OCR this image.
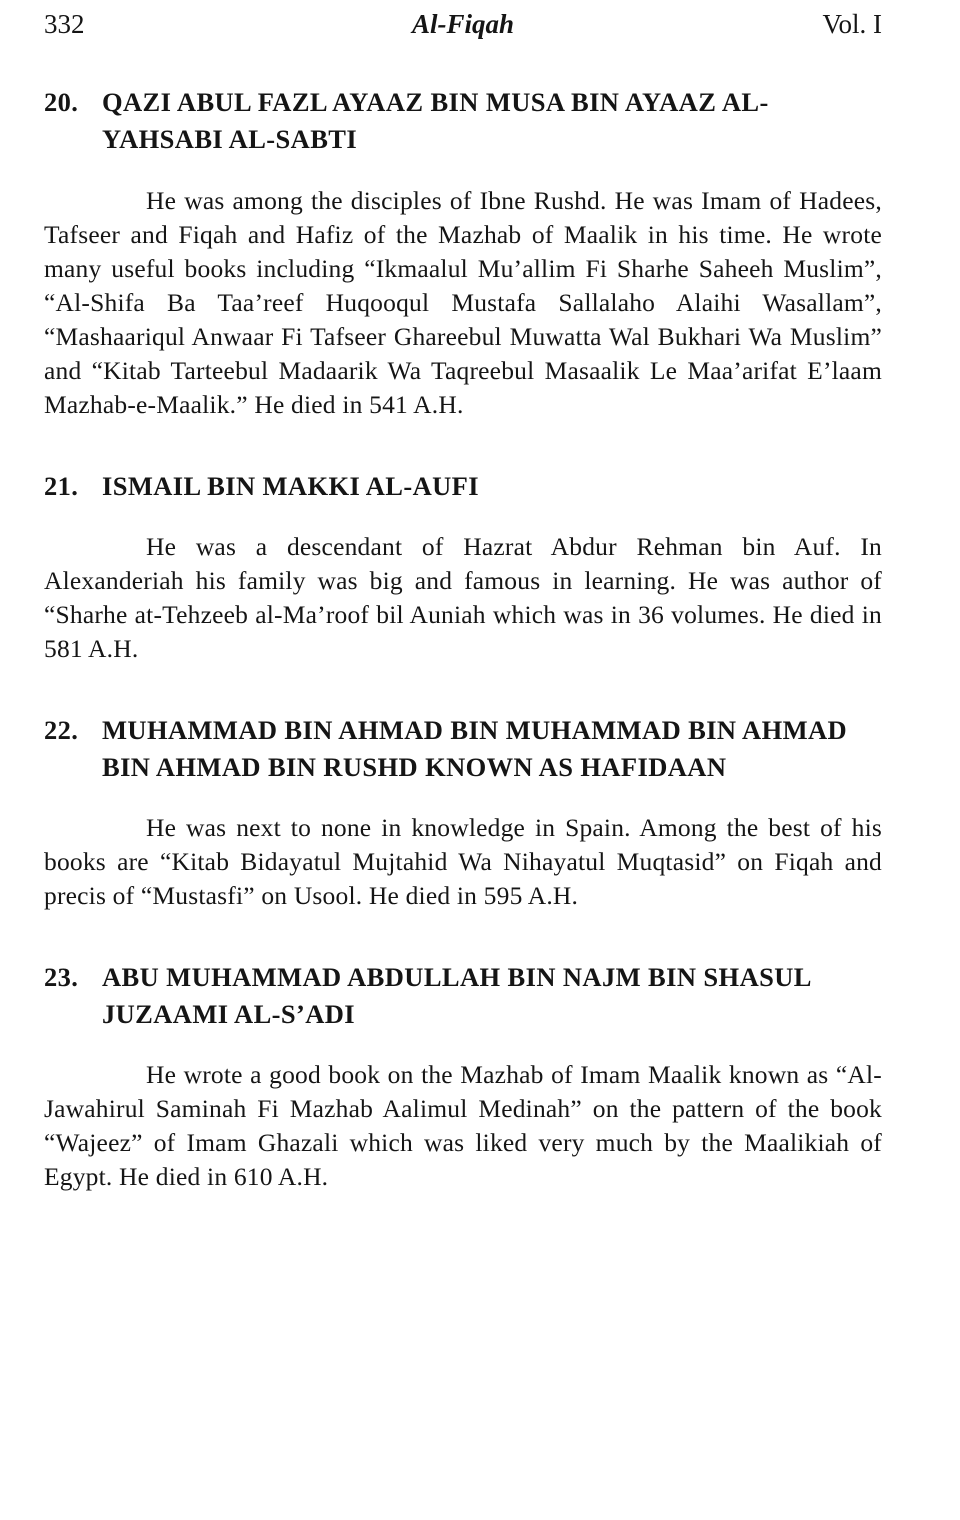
332	Al-Fiqah	Vol. I
20. QAZI ABUL FAZL AYAAZ BIN MUSA BIN AYAAZ AL-YAHSABI AL-SABTI

He was among the disciples of Ibne Rushd. He was Imam of Hadees, Tafseer and Fiqah and Hafiz of the Mazhab of Maalik in his time. He wrote many useful books including “Ikmaalul Mu’allim Fi Sharhe Saheeh Muslim”, “Al-Shifa Ba Taa’reef Huqooqul Mustafa Sallalaho Alaihi Wasallam”, “Mashaariqul Anwaar Fi Tafseer Ghareebul Muwatta Wal Bukhari Wa Muslim” and “Kitab Tarteebul Madaarik Wa Taqreebul Masaalik Le Maa’arifat E’laam Mazhab-e-Maalik.” He died in 541 A.H.

21. ISMAIL BIN MAKKI AL-AUFI

He was a descendant of Hazrat Abdur Rehman bin Auf. In Alexanderiah his family was big and famous in learning. He was author of “Sharhe at-Tehzeeb al-Ma’roof bil Auniah which was in 36 volumes. He died in 581 A.H.

22. MUHAMMAD BIN AHMAD BIN MUHAMMAD BIN AHMAD BIN AHMAD BIN RUSHD KNOWN AS HAFIDAAN

He was next to none in knowledge in Spain. Among the best of his books are “Kitab Bidayatul Mujtahid Wa Nihayatul Muqtasid” on Fiqah and precis of “Mustasfi” on Usool. He died in 595 A.H.

23. ABU MUHAMMAD ABDULLAH BIN NAJM BIN SHASUL JUZAAMI AL-S’ADI

He wrote a good book on the Mazhab of Imam Maalik known as “Al-Jawahirul Saminah Fi Mazhab Aalimul Medinah” on the pattern of the book “Wajeez” of Imam Ghazali which was liked very much by the Maalikiah of Egypt. He died in 610 A.H.
